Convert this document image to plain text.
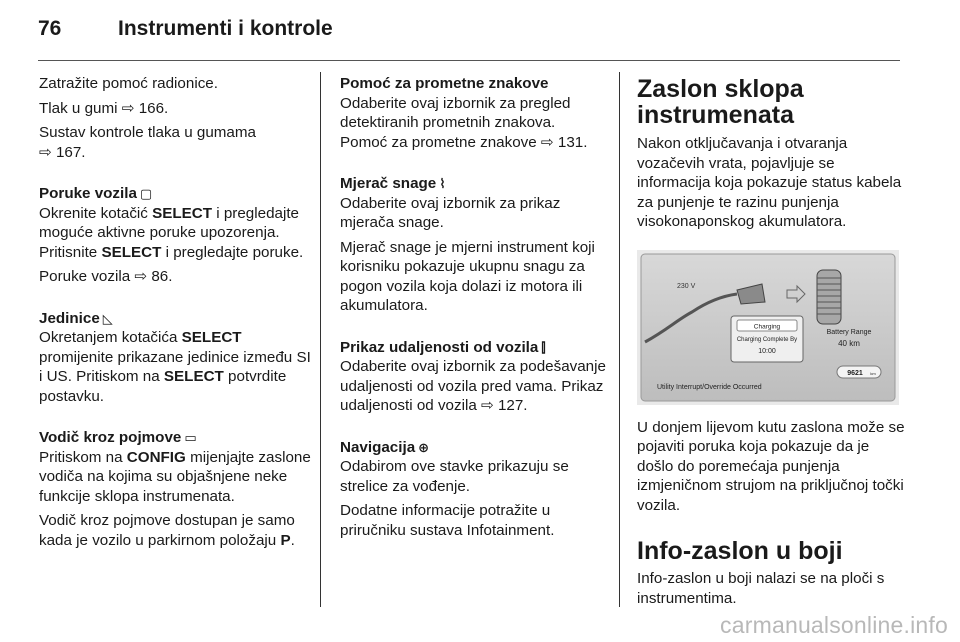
76	Instrumenti i kontrole

Zatražite pomoć radionice.

Tlak u gumi ⇨ 166.

Sustav kontrole tlaka u gumama
⇨ 167.

Poruke vozila ▢

Okrenite kotačić SELECT i pregledajte moguće aktivne poruke upozorenja. Pritisnite SELECT i pregledajte poruke.

Poruke vozila ⇨ 86.

Jedinice ◺

Okretanjem kotačića SELECT promijenite prikazane jedinice između SI i US. Pritiskom na SELECT potvrdite postavku.

Vodič kroz pojmove ▭

Pritiskom na CONFIG mijenjajte zaslone vodiča na kojima su objašnjene neke funkcije sklopa instrumenata.

Vodič kroz pojmove dostupan je samo kada je vozilo u parkirnom položaju P.

Pomoć za prometne znakove

Odaberite ovaj izbornik za pregled detektiranih prometnih znakova.
Pomoć za prometne znakove ⇨ 131.

Mjerač snage ⌇

Odaberite ovaj izbornik za prikaz mjerača snage.

Mjerač snage je mjerni instrument koji korisniku pokazuje ukupnu snagu za pogon vozila koja dolazi iz motora ili akumulatora.

Prikaz udaljenosti od vozila ⫿

Odaberite ovaj izbornik za podešavanje udaljenosti od vozila pred vama. Prikaz udaljenosti od vozila ⇨ 127.

Navigacija ⊕

Odabirom ove stavke prikazuju se strelice za vođenje.

Dodatne informacije potražite u priručniku sustava Infotainment.

Zaslon sklopa instrumenata

Nakon otključavanja i otvaranja vozačevih vrata, pojavljuje se informacija koja pokazuje status kabela za punjenje te razinu punjenja visokonaponskog akumulatora.

230 V
Charging
Charging Complete By
10:00
Battery Range
40 km
9621 km
Utility Interrupt/Override Occurred

U donjem lijevom kutu zaslona može se pojaviti poruka koja pokazuje da je došlo do poremećaja punjenja izmjeničnom strujom na priključnoj točki vozila.

Info-zaslon u boji

Info-zaslon u boji nalazi se na ploči s instrumentima.

carmanualsonline.info
